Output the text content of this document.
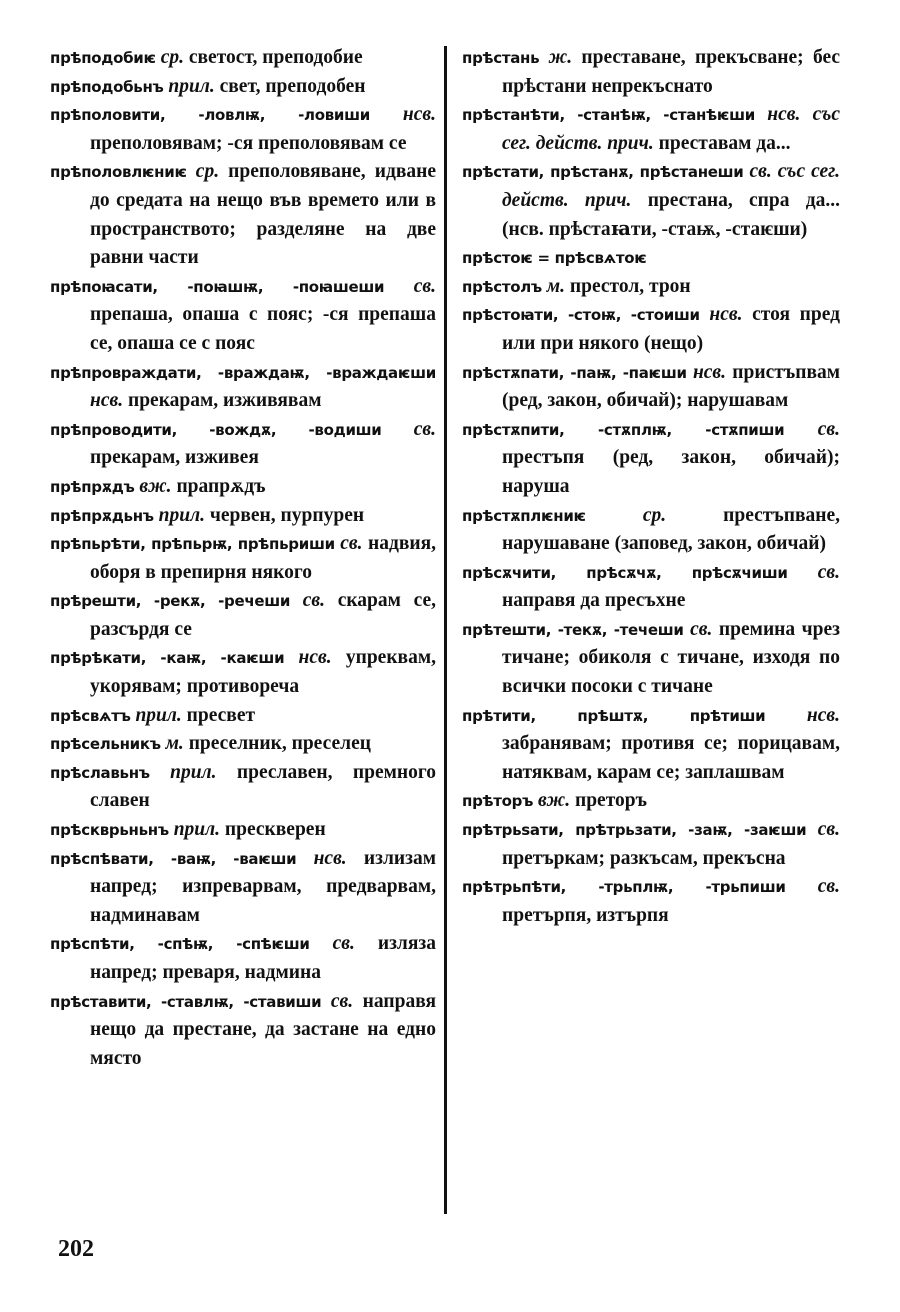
прѣподобиѥ ср. светост, преподобие
прѣподобьнъ прил. свет, преподобен
прѣполовити, -ловлѭ, -ловиши нсв. преполовявам; -ся преполовявам се
прѣполовлѥниѥ ср. преполовяване, идване до средата на нещо във времето или в пространството; разделяне на две равни части
прѣпоꙗсати, -поꙗшѭ, -поꙗшеши св. препаша, опаша с пояс; -ся препаша се, опаша се с пояс
прѣпровраждати, -враждаѭ, -враждаѥши нсв. прекарам, изживявам
прѣпроводити, -вождѫ, -водиши св. прекарам, изживея
прѣпрѫдъ вж. прапрѫдъ
прѣпрѫдьнъ прил. червен, пурпурен
прѣпьрѣти, прѣпьрѭ, прѣпьриши св. надвия, оборя в препирня някого
прѣрешти, -рекѫ, -речеши св. скарам се, разсърдя се
прѣрѣкати, -каѭ, -каѥши нсв. упреквам, укорявам; противореча
прѣсвѧтъ прил. пресвет
прѣсельникъ м. преселник, преселец
прѣславьнъ прил. преславен, премного славен
прѣскврьньнъ прил. прескверен
прѣспѣвати, -ваѭ, -ваѥши нсв. излизам напред; изпреварвам, предварвам, надминавам
прѣспѣти, -спѣѭ, -спѣѥши св. изляза напред; преваря, надмина
прѣставити, -ставлѭ, -ставиши св. направя нещо да престане, да застане на едно място
прѣстань ж. преставане, прекъсване; бес прѣстани непрекъснато
прѣстанѣти, -станѣѭ, -станѣѥши нсв. със сег. действ. прич. преставам да...
прѣстати, прѣстанѫ, прѣстанеши св. със сег. действ. прич. престана, спра да... (нсв. прѣстаꙗти, -стаѭ, -стаѥши)
прѣстоѥ = прѣсвѧтоѥ
прѣстолъ м. престол, трон
прѣстоꙗти, -стоѭ, -стоиши нсв. стоя пред или при някого (нещо)
прѣстѫпати, -паѭ, -паѥши нсв. пристъпвам (ред, закон, обичай); нарушавам
прѣстѫпити, -стѫплѭ, -стѫпиши св. престъпя (ред, закон, обичай); наруша
прѣстѫплѥниѥ	ср.	престъпване, нарушаване (заповед, закон, обичай)
прѣсѫчити, прѣсѫчѫ, прѣсѫчиши св. направя да пресъхне
прѣтешти, -текѫ, -течеши св. премина чрез тичане; обиколя с тичане, изходя по всички посоки с тичане
прѣтити, прѣштѫ, прѣтиши нсв. забранявам; противя се; порицавам, натяквам, карам се; заплашвам
прѣторъ вж. преторъ
прѣтрьѕати, прѣтрьзати, -заѭ, -заѥши св. претъркам; разкъсам, прекъсна
прѣтрьпѣти, -трьплѭ, -трьпиши св. претърпя, изтърпя
202
